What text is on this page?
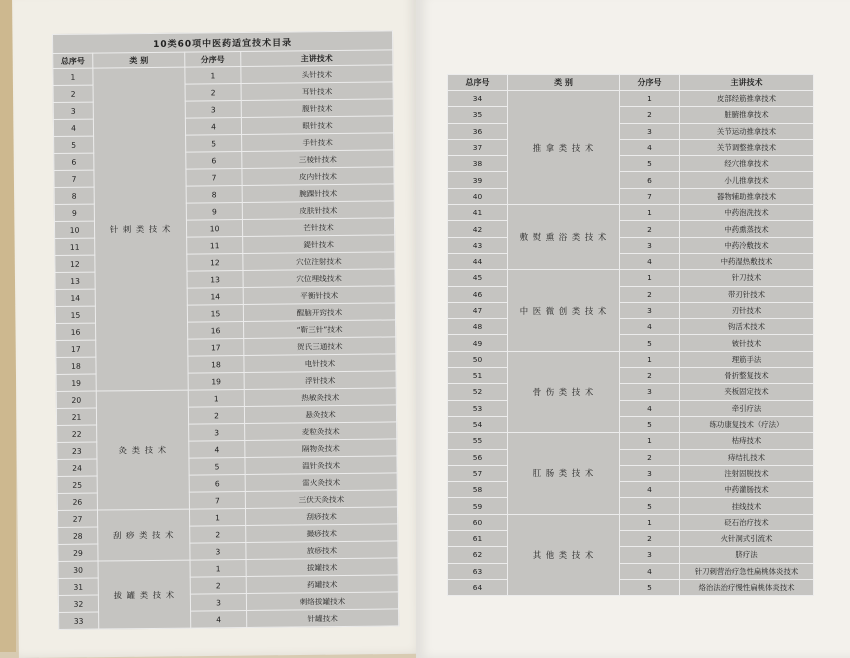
10类60项中医药适宜技术目录			
总序号	类 别	分序号	主讲技术
1	针 刺 类 技 术	1	头针技术
2		2	耳针技术
3		3	腹针技术
4		4	眼针技术
5		5	手针技术
6		6	三棱针技术
7		7	皮内针技术
8		8	腕踝针技术
9		9	皮肤针技术
10		10	芒针技术
11		11	鍉针技术
12		12	穴位注射技术
13		13	穴位埋线技术
14		14	平衡针技术
15		15	醒脑开窍技术
16		16	“靳三针”技术
17		17	贺氏三通技术
18		18	电针技术
19		19	浮针技术
20	灸 类 技 术	1	热敏灸技术
21		2	悬灸技术
22		3	麦粒灸技术
23		4	隔物灸技术
24		5	温针灸技术
25		6	雷火灸技术
26		7	三伏天灸技术
27	刮 痧 类 技 术	1	刮痧技术
28		2	撮痧技术
29		3	放痧技术
30	拔 罐 类 技 术	1	拔罐技术
31		2	药罐技术
32		3	刺络拔罐技术
33		4	针罐技术
总序号	类 别	分序号	主讲技术
34	推 拿 类 技 术	1	皮部经筋推拿技术
35		2	脏腑推拿技术
36		3	关节运动推拿技术
37		4	关节调整推拿技术
38		5	经穴推拿技术
39		6	小儿推拿技术
40		7	器物辅助推拿技术
41	敷 熨 熏 浴 类 技 术	1	中药泡洗技术
42		2	中药熏蒸技术
43		3	中药冷敷技术
44		4	中药湿热敷技术
45	中 医 微 创 类 技 术	1	针刀技术
46		2	带刃针技术
47		3	刃针技术
48		4	钩活术技术
49		5	铍针技术
50	骨 伤 类 技 术	1	理筋手法
51		2	骨折整复技术
52		3	夹板固定技术
53		4	牵引疗法
54		5	练功康复技术（疗法）
55	肛 肠 类 技 术	1	枯痔技术
56		2	痔结扎技术
57		3	注射固脱技术
58		4	中药灌肠技术
59		5	挂线技术
60	其 他 类 技 术	1	砭石治疗技术
61		2	火针洞式引流术
62		3	脐疗法
63		4	针刀刺营治疗急性扁桃体炎技术
64		5	烙治法治疗慢性扁桃体炎技术
